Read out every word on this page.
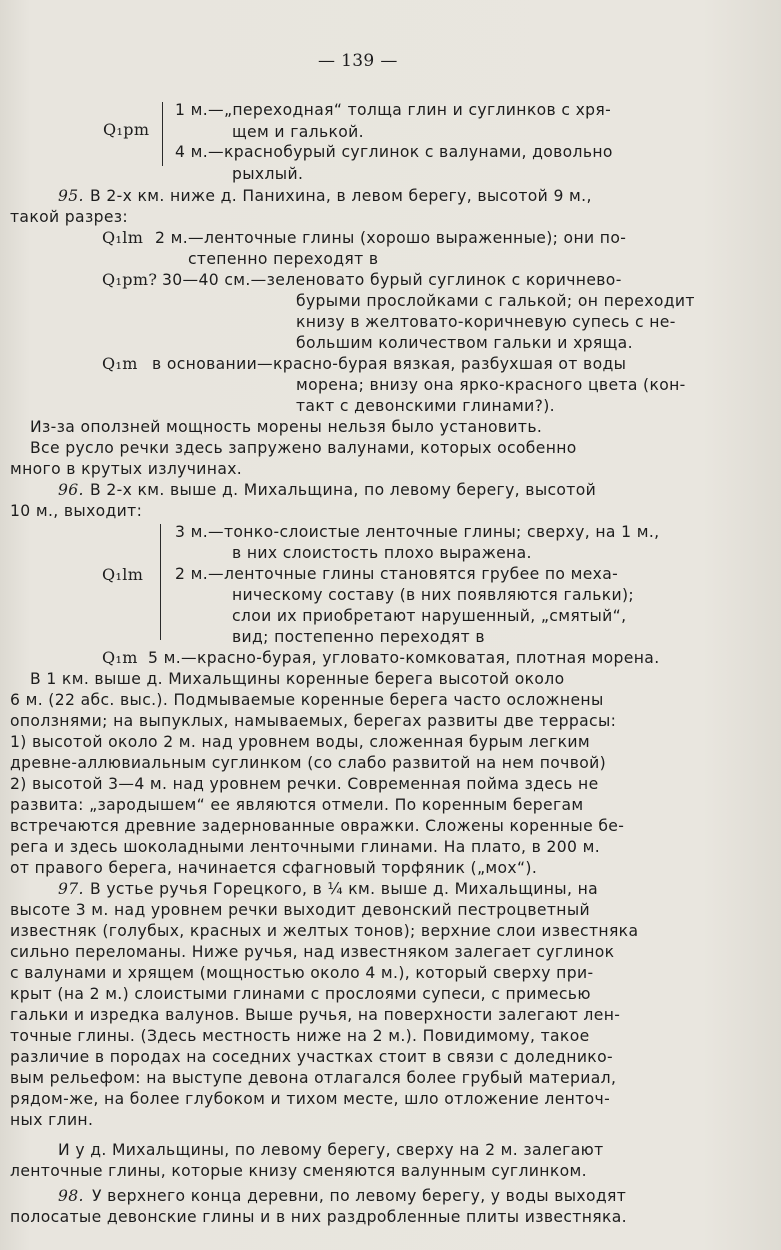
— 139 —
Q₁pm
1 м.—„переходная“ толща глин и суглинков с хря-
щем и галькой.
4 м.—краснобурый суглинок с валунами, довольно
рыхлый.
95. В 2-х км. ниже д. Панихина, в левом берегу, высотой 9 м.,
такой разрез:
Q₁lm 2 м.—ленточные глины (хорошо выраженные); они по-
степенно переходят в
Q₁pm? 30—40 см.—зеленовато бурый суглинок с коричнево-
бурыми прослойками с галькой; он переходит
книзу в желтовато-коричневую супесь с не-
большим количеством гальки и хряща.
Q₁m в основании—красно-бурая вязкая, разбухшая от воды
морена; внизу она ярко-красного цвета (кон-
такт с девонскими глинами?).
Из-за оползней мощность морены нельзя было установить.
Все русло речки здесь запружено валунами, которых особенно
много в крутых излучинах.
96. В 2-х км. выше д. Михальщина, по левому берегу, высотой
10 м., выходит:
Q₁lm
3 м.—тонко-слоистые ленточные глины; сверху, на 1 м.,
в них слоистость плохо выражена.
2 м.—ленточные глины становятся грубее по меха-
ническому составу (в них появляются гальки);
слои их приобретают нарушенный, „смятый“,
вид; постепенно переходят в
Q₁m 5 м.—красно-бурая, угловато-комковатая, плотная морена.
В 1 км. выше д. Михальщины коренные берега высотой около
6 м. (22 абс. выс.). Подмываемые коренные берега часто осложнены
оползнями; на выпуклых, намываемых, берегах развиты две террасы:
1) высотой около 2 м. над уровнем воды, сложенная бурым легким
древне-аллювиальным суглинком (со слабо развитой на нем почвой)
2) высотой 3—4 м. над уровнем речки. Современная пойма здесь не
развита: „зародышем“ ее являются отмели. По коренным берегам
встречаются древние задернованные овражки. Сложены коренные бе-
рега и здесь шоколадными ленточными глинами. На плато, в 200 м.
от правого берега, начинается сфагновый торфяник („мох“).
97. В устье ручья Горецкого, в ¼ км. выше д. Михальщины, на
высоте 3 м. над уровнем речки выходит девонский пестроцветный
известняк (голубых, красных и желтых тонов); верхние слои известняка
сильно переломаны. Ниже ручья, над известняком залегает суглинок
с валунами и хрящем (мощностью около 4 м.), который сверху при-
крыт (на 2 м.) слоистыми глинами с прослоями супеси, с примесью
гальки и изредка валунов. Выше ручья, на поверхности залегают лен-
точные глины. (Здесь местность ниже на 2 м.). Повидимому, такое
различие в породах на соседних участках стоит в связи с доледнико-
вым рельефом: на выступе девона отлагался более грубый материал,
рядом-же, на более глубоком и тихом месте, шло отложение ленточ-
ных глин.
И у д. Михальщины, по левому берегу, сверху на 2 м. залегают
ленточные глины, которые книзу сменяются валунным суглинком.
98. У верхнего конца деревни, по левому берегу, у воды выходят
полосатые девонские глины и в них раздробленные плиты известняка.
